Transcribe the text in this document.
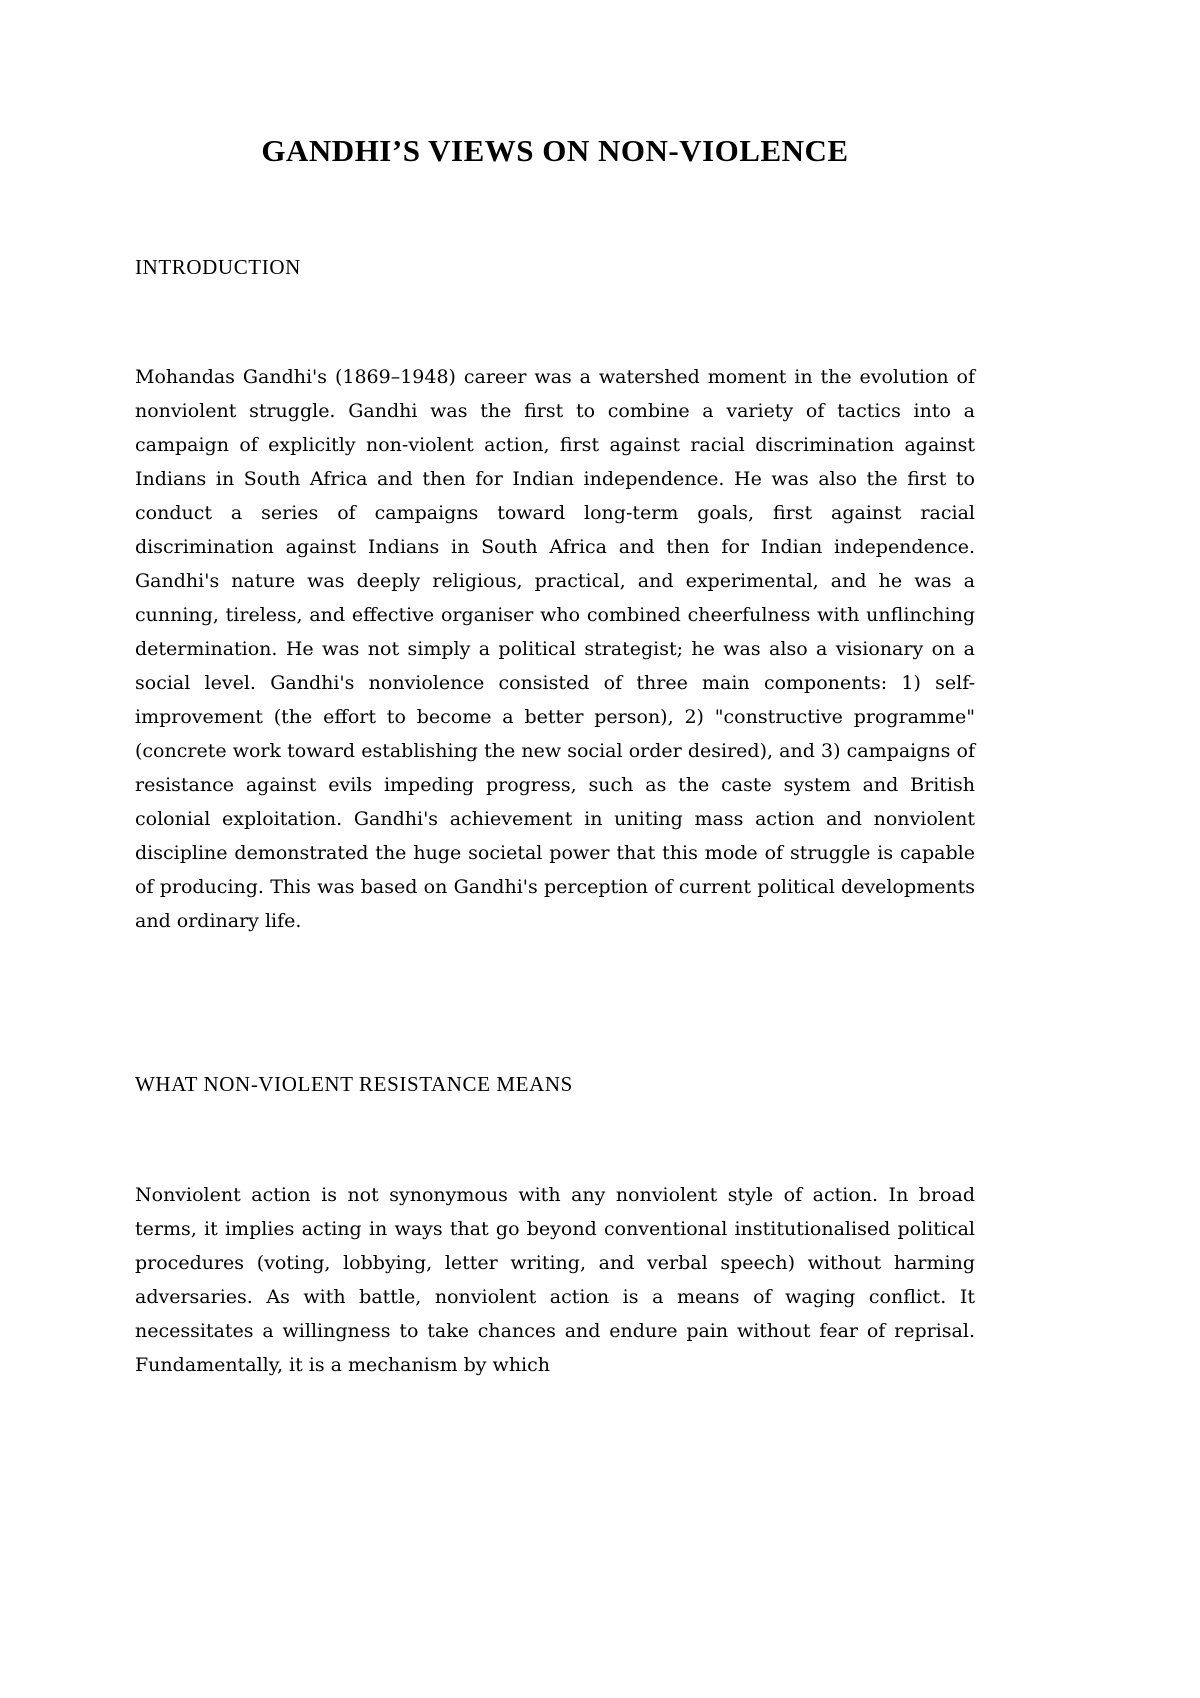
GANDHI’S VIEWS ON NON-VIOLENCE
INTRODUCTION

Mohandas Gandhi's (1869–1948) career was a watershed moment in the evolution of nonviolent struggle. Gandhi was the first to combine a variety of tactics into a campaign of explicitly non-violent action, first against racial discrimination against Indians in South Africa and then for Indian independence. He was also the first to conduct a series of campaigns toward long-term goals, first against racial discrimination against Indians in South Africa and then for Indian independence. Gandhi's nature was deeply religious, practical, and experimental, and he was a cunning, tireless, and effective organiser who combined cheerfulness with unflinching determination. He was not simply a political strategist; he was also a visionary on a social level. Gandhi's nonviolence consisted of three main components: 1) self-improvement (the effort to become a better person), 2) "constructive programme" (concrete work toward establishing the new social order desired), and 3) campaigns of resistance against evils impeding progress, such as the caste system and British colonial exploitation. Gandhi's achievement in uniting mass action and nonviolent discipline demonstrated the huge societal power that this mode of struggle is capable of producing. This was based on Gandhi's perception of current political developments and ordinary life.

WHAT NON-VIOLENT RESISTANCE MEANS

Nonviolent action is not synonymous with any nonviolent style of action. In broad terms, it implies acting in ways that go beyond conventional institutionalised political procedures (voting, lobbying, letter writing, and verbal speech) without harming adversaries. As with battle, nonviolent action is a means of waging conflict. It necessitates a willingness to take chances and endure pain without fear of reprisal. Fundamentally, it is a mechanism by which
